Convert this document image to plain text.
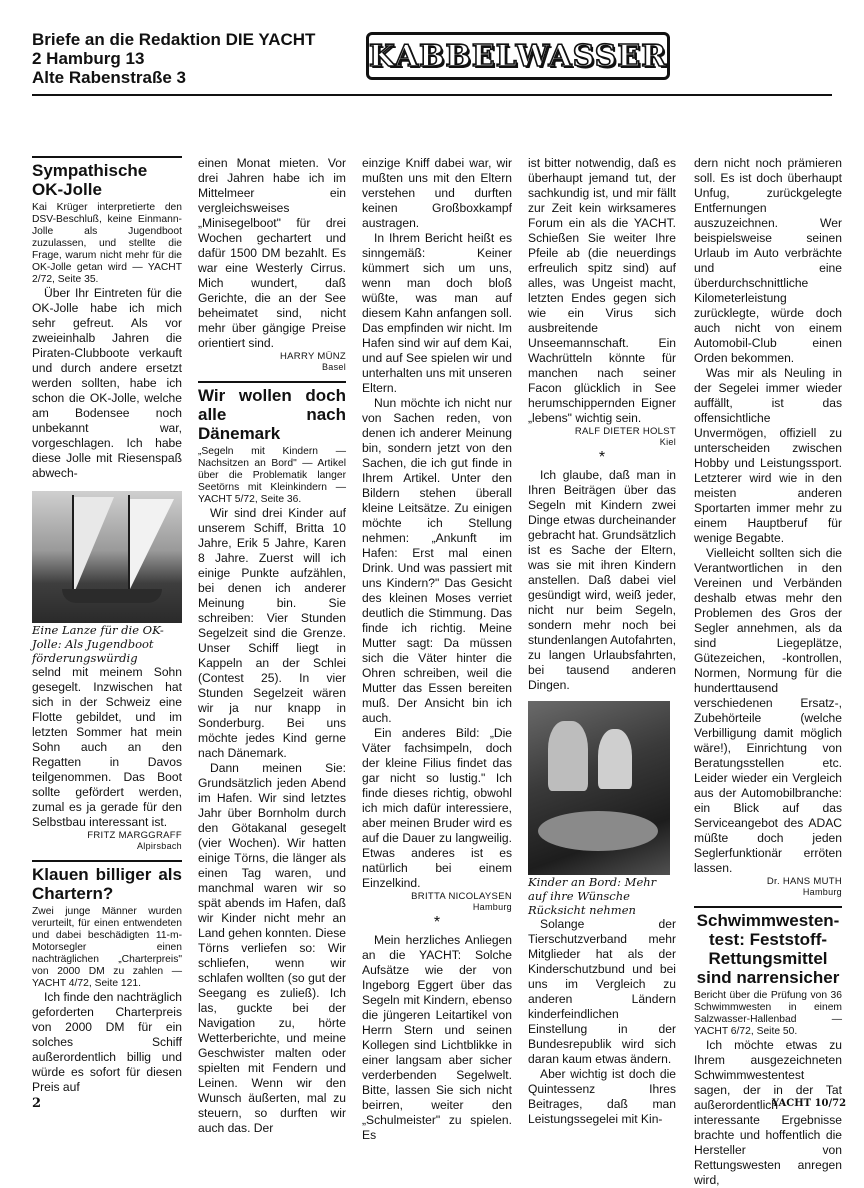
Briefe an die Redaktion DIE YACHT
2 Hamburg 13
Alte Rabenstraße 3
KABBELWASSER
Sympathische OK-Jolle

Kai Krüger interpretierte den DSV-Beschluß, keine Einmann-Jolle als Jugendboot zuzulassen, und stellte die Frage, warum nicht mehr für die OK-Jolle getan wird — YACHT 2/72, Seite 35.

Über Ihr Eintreten für die OK-Jolle habe ich mich sehr gefreut. Als vor zweieinhalb Jahren die Piraten-Clubboote verkauft und durch andere ersetzt werden sollten, habe ich schon die OK-Jolle, welche am Bodensee noch unbekannt war, vorgeschlagen. Ich habe diese Jolle mit Riesenspaß abwech-

Eine Lanze für die OK-Jolle: Als Jugendboot förderungswürdig

selnd mit meinem Sohn gesegelt. Inzwischen hat sich in der Schweiz eine Flotte gebildet, und im letzten Sommer hat mein Sohn auch an den Regatten in Davos teilgenommen. Das Boot sollte gefördert werden, zumal es ja gerade für den Selbstbau interessant ist.

FRITZ MARGGRAFF
Alpirsbach

Klauen billiger als Chartern?

Zwei junge Männer wurden verurteilt, für einen entwendeten und dabei beschädigten 11-m-Motorsegler einen nachträglichen „Charterpreis" von 2000 DM zu zahlen — YACHT 4/72, Seite 121.

Ich finde den nachträglich geforderten Charterpreis von 2000 DM für ein solches Schiff außerordentlich billig und würde es sofort für diesen Preis auf

einen Monat mieten. Vor drei Jahren habe ich im Mittelmeer ein vergleichsweises „Minisegelboot" für drei Wochen gechartert und dafür 1500 DM bezahlt. Es war eine Westerly Cirrus. Mich wundert, daß Gerichte, die an der See beheimatet sind, nicht mehr über gängige Preise orientiert sind.

HARRY MÜNZ
Basel

Wir wollen doch alle nach Dänemark

„Segeln mit Kindern — Nachsitzen an Bord" — Artikel über die Problematik langer Seetörns mit Kleinkindern — YACHT 5/72, Seite 36.

Wir sind drei Kinder auf unserem Schiff, Britta 10 Jahre, Erik 5 Jahre, Karen 8 Jahre. Zuerst will ich einige Punkte aufzählen, bei denen ich anderer Meinung bin. Sie schreiben: Vier Stunden Segelzeit sind die Grenze. Unser Schiff liegt in Kappeln an der Schlei (Contest 25). In vier Stunden Segelzeit wären wir ja nur knapp in Sonderburg. Bei uns möchte jedes Kind gerne nach Dänemark.

Dann meinen Sie: Grundsätzlich jeden Abend im Hafen. Wir sind letztes Jahr über Bornholm durch den Götakanal gesegelt (vier Wochen). Wir hatten einige Törns, die länger als einen Tag waren, und manchmal waren wir so spät abends im Hafen, daß wir Kinder nicht mehr an Land gehen konnten. Diese Törns verliefen so: Wir schliefen, wenn wir schlafen wollten (so gut der Seegang es zuließ). Ich las, guckte bei der Navigation zu, hörte Wetterberichte, und meine Geschwister malten oder spielten mit Fendern und Leinen. Wenn wir den Wunsch äußerten, mal zu steuern, so durften wir auch das. Der

einzige Kniff dabei war, wir mußten uns mit den Eltern verstehen und durften keinen Großboxkampf austragen.

In Ihrem Bericht heißt es sinngemäß: Keiner kümmert sich um uns, wenn man doch bloß wüßte, was man auf diesem Kahn anfangen soll. Das empfinden wir nicht. Im Hafen sind wir auf dem Kai, und auf See spielen wir und unterhalten uns mit unseren Eltern.

Nun möchte ich nicht nur von Sachen reden, von denen ich anderer Meinung bin, sondern jetzt von den Sachen, die ich gut finde in Ihrem Artikel. Unter den Bildern stehen überall kleine Leitsätze. Zu einigen möchte ich Stellung nehmen: „Ankunft im Hafen: Erst mal einen Drink. Und was passiert mit uns Kindern?" Das Gesicht des kleinen Moses verriet deutlich die Stimmung. Das finde ich richtig. Meine Mutter sagt: Da müssen sich die Väter hinter die Ohren schreiben, weil die Mutter das Essen bereiten muß. Der Ansicht bin ich auch.

Ein anderes Bild: „Die Väter fachsimpeln, doch der kleine Filius findet das gar nicht so lustig." Ich finde dieses richtig, obwohl ich mich dafür interessiere, aber meinen Bruder wird es auf die Dauer zu langweilig. Etwas anderes ist es natürlich bei einem Einzelkind.

BRITTA NICOLAYSEN
Hamburg

*

Mein herzliches Anliegen an die YACHT: Solche Aufsätze wie der von Ingeborg Eggert über das Segeln mit Kindern, ebenso die jüngeren Leitartikel von Herrn Stern und seinen Kollegen sind Lichtblikke in einer langsam aber sicher verderbenden Segelwelt. Bitte, lassen Sie sich nicht beirren, weiter den „Schulmeister" zu spielen. Es

ist bitter notwendig, daß es überhaupt jemand tut, der sachkundig ist, und mir fällt zur Zeit kein wirksameres Forum ein als die YACHT. Schießen Sie weiter Ihre Pfeile ab (die neuerdings erfreulich spitz sind) auf alles, was Ungeist macht, letzten Endes gegen sich wie ein Virus sich ausbreitende Unseemannschaft. Ein Wachrütteln könnte für manchen nach seiner Facon glücklich in See herumschippernden Eigner „lebens" wichtig sein.

RALF DIETER HOLST
Kiel

*

Ich glaube, daß man in Ihren Beiträgen über das Segeln mit Kindern zwei Dinge etwas durcheinander gebracht hat. Grundsätzlich ist es Sache der Eltern, was sie mit ihren Kindern anstellen. Daß dabei viel gesündigt wird, weiß jeder, nicht nur beim Segeln, sondern mehr noch bei stundenlangen Autofahrten, zu langen Urlaubsfahrten, bei tausend anderen Dingen.

Kinder an Bord: Mehr auf ihre Wünsche Rücksicht nehmen

Solange der Tierschutzverband mehr Mitglieder hat als der Kinderschutzbund und bei uns im Vergleich zu anderen Ländern kinderfeindlichen Einstellung in der Bundesrepublik wird sich daran kaum etwas ändern.

Aber wichtig ist doch die Quintessenz Ihres Beitrages, daß man Leistungssegelei mit Kin-

dern nicht noch prämieren soll. Es ist doch überhaupt Unfug, zurückgelegte Entfernungen auszuzeichnen. Wer beispielsweise seinen Urlaub im Auto verbrächte und eine überdurchschnittliche Kilometerleistung zurücklegte, würde doch auch nicht von einem Automobil-Club einen Orden bekommen.

Was mir als Neuling in der Segelei immer wieder auffällt, ist das offensichtliche Unvermögen, offiziell zu unterscheiden zwischen Hobby und Leistungssport. Letzterer wird wie in den meisten anderen Sportarten immer mehr zu einem Hauptberuf für wenige Begabte.

Vielleicht sollten sich die Verantwortlichen in den Vereinen und Verbänden deshalb etwas mehr den Problemen des Gros der Segler annehmen, als da sind Liegeplätze, Gütezeichen, -kontrollen, Normen, Normung für die hunderttausend verschiedenen Ersatz-, Zubehörteile (welche Verbilligung damit möglich wäre!), Einrichtung von Beratungsstellen etc. Leider wieder ein Vergleich aus der Automobilbranche: ein Blick auf das Serviceangebot des ADAC müßte doch jeden Seglerfunktionär erröten lassen.

Dr. HANS MUTH
Hamburg

Schwimmwesten-test: Feststoff-Rettungsmittel sind narrensicher

Bericht über die Prüfung von 36 Schwimmwesten in einem Salzwasser-Hallenbad — YACHT 6/72, Seite 50.

Ich möchte etwas zu Ihrem ausgezeichneten Schwimmwestentest sagen, der in der Tat außerordentlich interessante Ergebnisse brachte und hoffentlich die Hersteller von Rettungswesten anregen wird,

2	YACHT 10/72
